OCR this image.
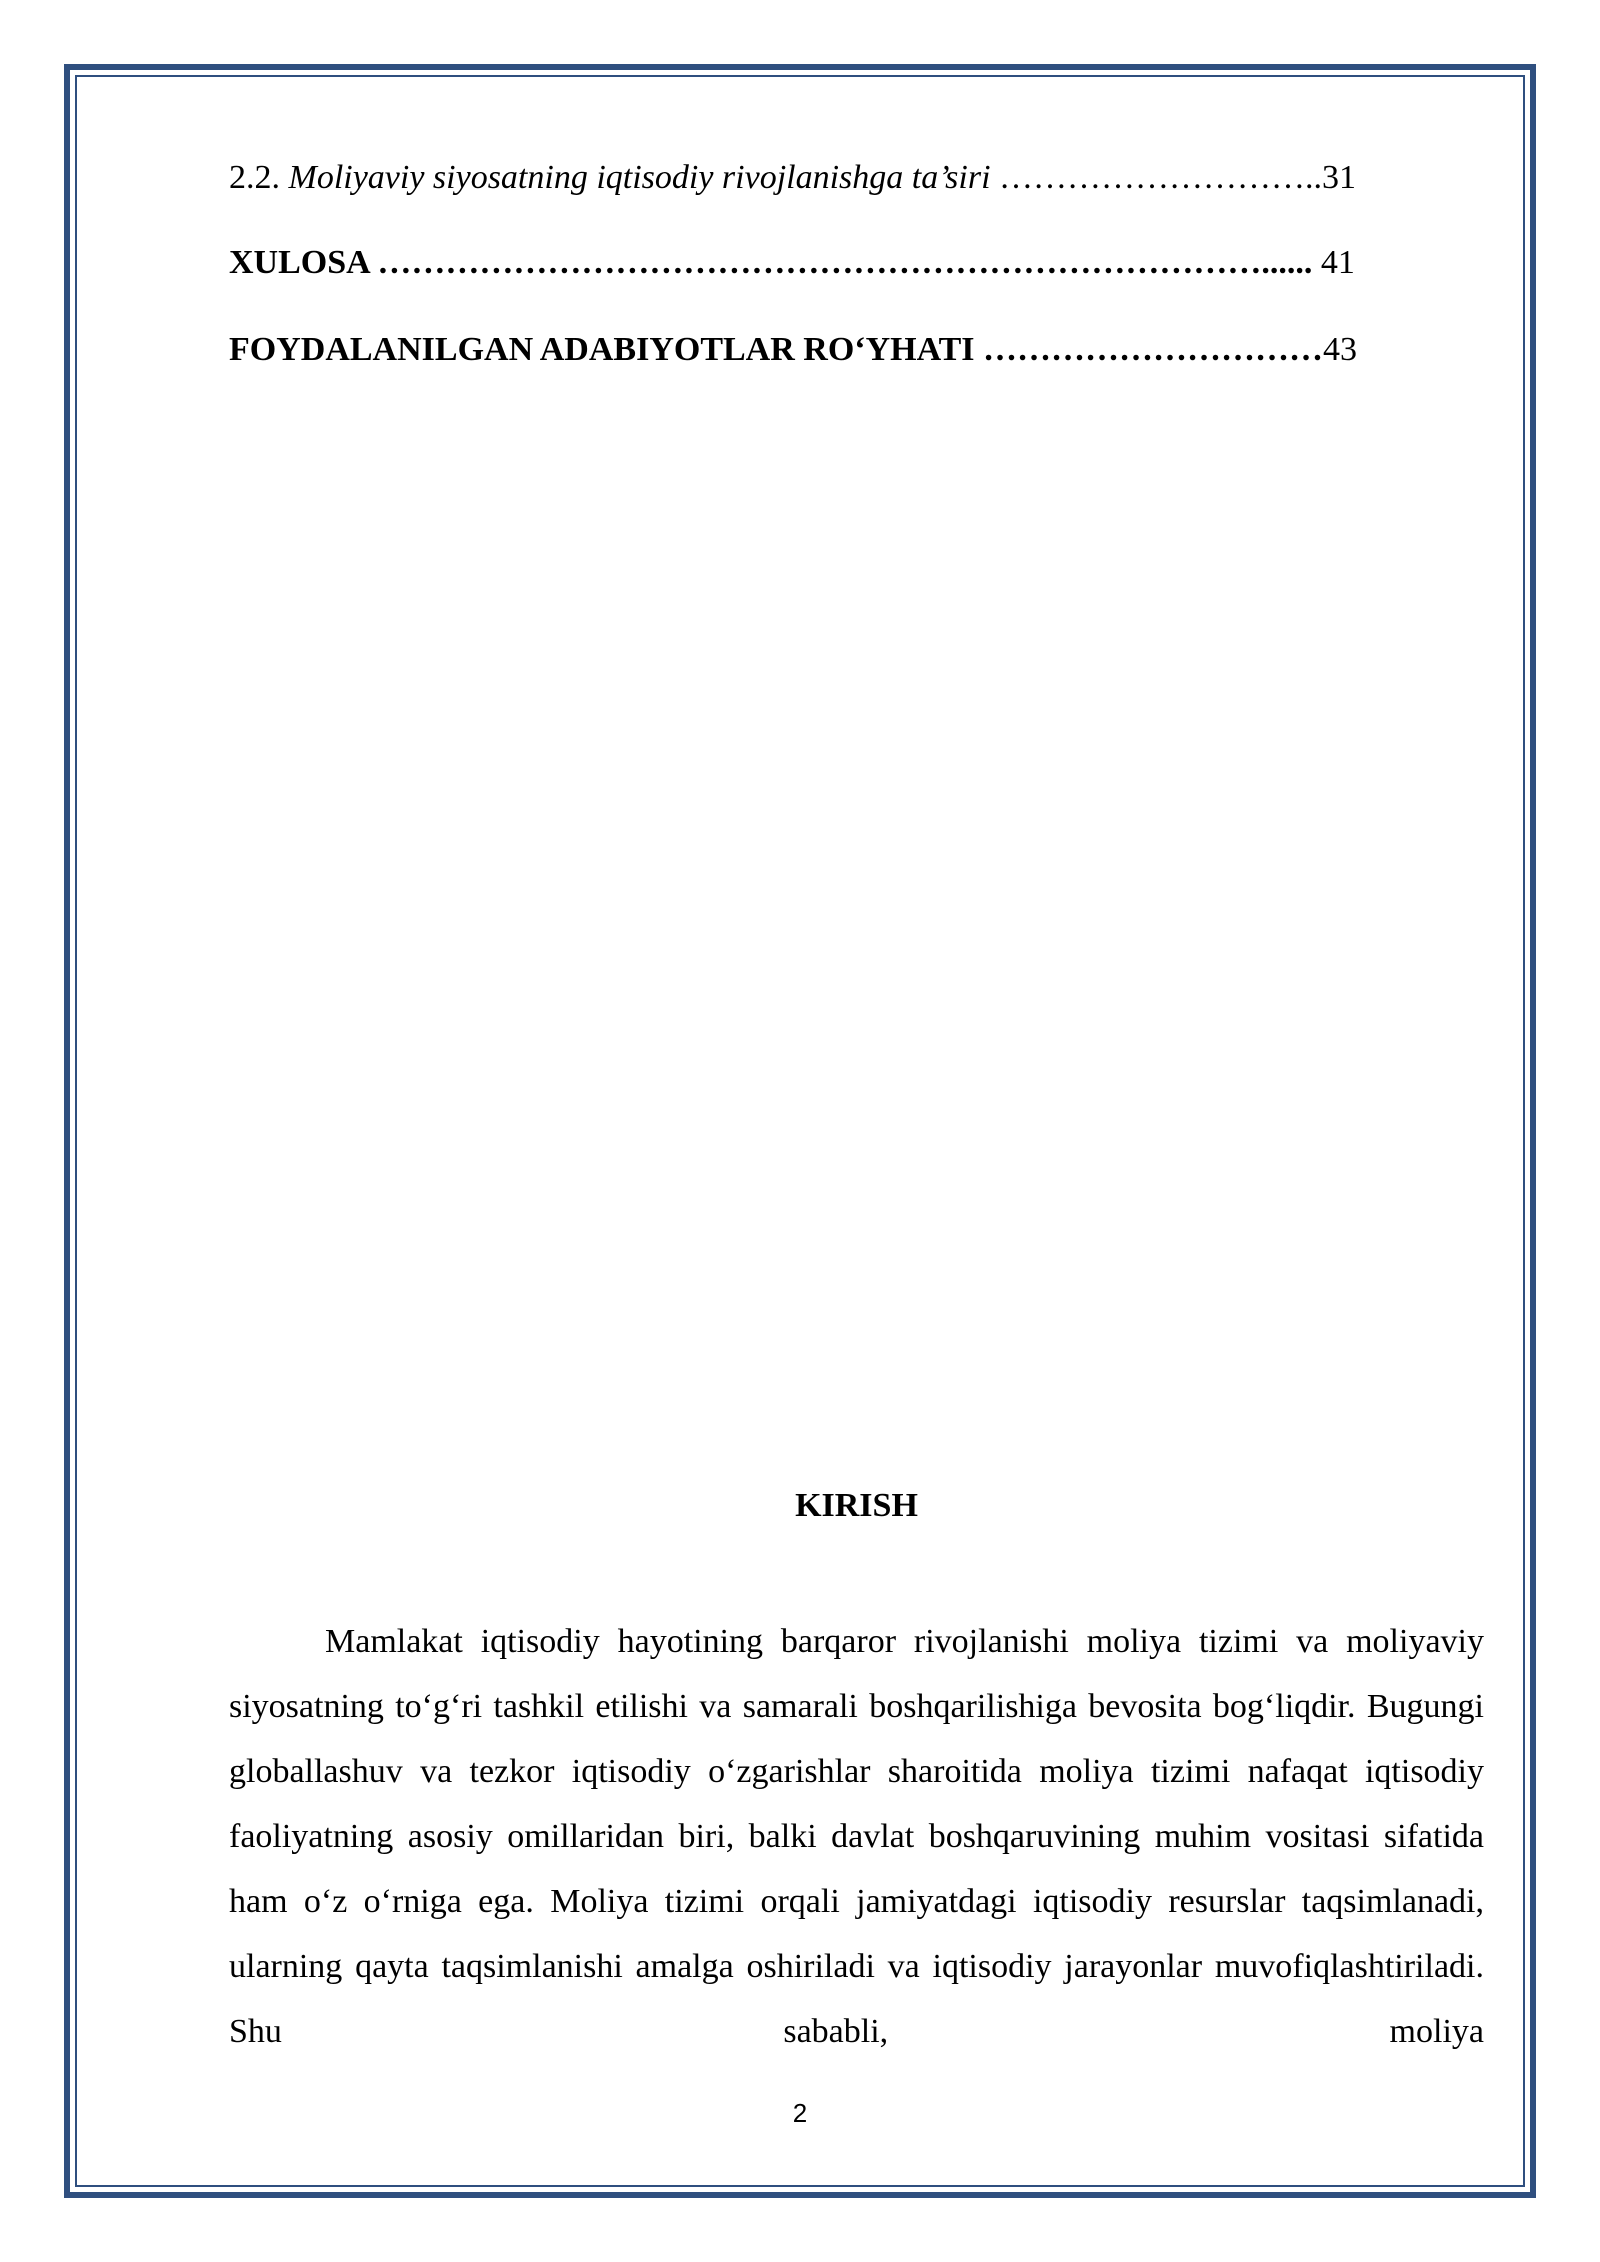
2.2. Moliyaviy siyosatning iqtisodiy rivojlanishga ta’siri ………………………..31
XULOSA ……………………………………………………………………...... 41
FOYDALANILGAN ADABIYOTLAR RO‘YHATI …………………………43
KIRISH

Mamlakat iqtisodiy hayotining barqaror rivojlanishi moliya tizimi va moliyaviy siyosatning to‘g‘ri tashkil etilishi va samarali boshqarilishiga bevosita bog‘liqdir. Bugungi globallashuv va tezkor iqtisodiy o‘zgarishlar sharoitida moliya tizimi nafaqat iqtisodiy faoliyatning asosiy omillaridan biri, balki davlat boshqaruvining muhim vositasi sifatida ham o‘z o‘rniga ega. Moliya tizimi orqali jamiyatdagi iqtisodiy resurslar taqsimlanadi, ularning qayta taqsimlanishi amalga oshiriladi va iqtisodiy jarayonlar muvofiqlashtiriladi. Shu sababli, moliya

2
